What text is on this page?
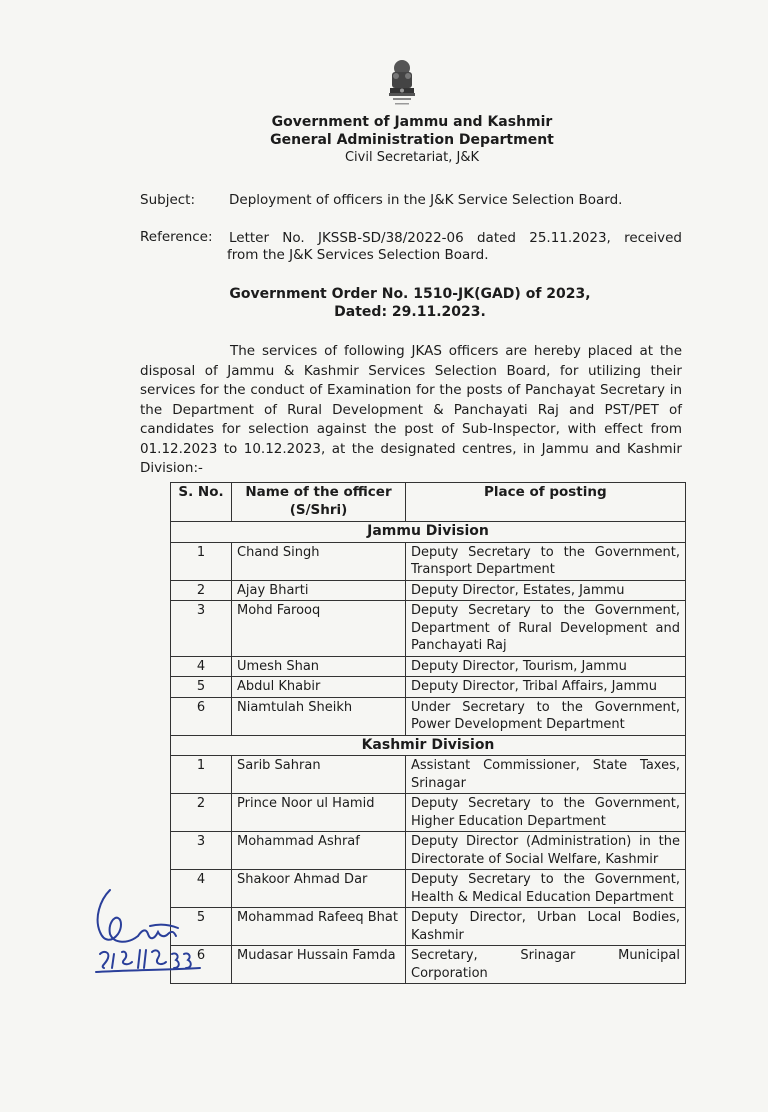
Government of Jammu and Kashmir
General Administration Department
Civil Secretariat, J&K
Subject:	Deployment of officers in the J&K Service Selection Board.
Reference: Letter No. JKSSB-SD/38/2022-06 dated 25.11.2023, received
from the J&K Services Selection Board.
Government Order No. 1510-JK(GAD) of 2023,
Dated: 29.11.2023.
The services of following JKAS officers are hereby placed at the disposal of Jammu & Kashmir Services Selection Board, for utilizing their services for the conduct of Examination for the posts of Panchayat Secretary in the Department of Rural Development & Panchayati Raj and PST/PET of candidates for selection against the post of Sub-Inspector, with effect from 01.12.2023 to 10.12.2023, at the designated centres, in Jammu and Kashmir Division:-
S. No.	Name of the officer (S/Shri)	Place of posting
Jammu Division		
1	Chand Singh	Deputy Secretary to the Government, Transport Department
2	Ajay Bharti	Deputy Director, Estates, Jammu
3	Mohd Farooq	Deputy Secretary to the Government, Department of Rural Development and Panchayati Raj
4	Umesh Shan	Deputy Director, Tourism, Jammu
5	Abdul Khabir	Deputy Director, Tribal Affairs, Jammu
6	Niamtulah Sheikh	Under Secretary to the Government, Power Development Department
Kashmir Division		
1	Sarib Sahran	Assistant Commissioner, State Taxes, Srinagar
2	Prince Noor ul Hamid	Deputy Secretary to the Government, Higher Education Department
3	Mohammad Ashraf	Deputy Director (Administration) in the Directorate of Social Welfare, Kashmir
4	Shakoor Ahmad Dar	Deputy Secretary to the Government, Health & Medical Education Department
5	Mohammad Rafeeq Bhat	Deputy Director, Urban Local Bodies, Kashmir
6	Mudasar Hussain Famda	Secretary, Srinagar Municipal Corporation
